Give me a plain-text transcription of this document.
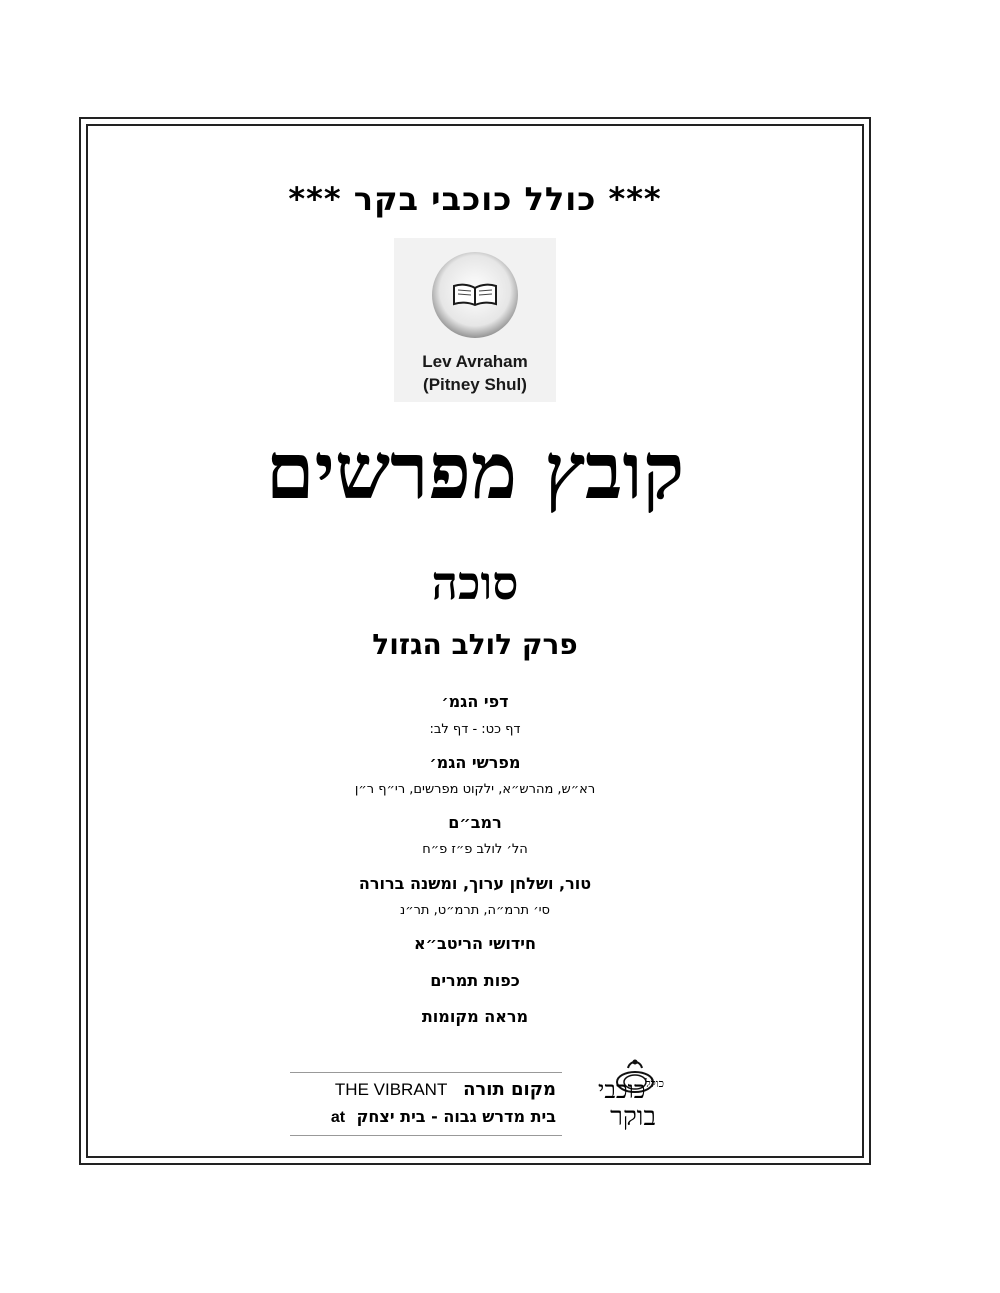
*** כולל כוכבי בקר ***
Lev Avraham
(Pitney Shul)
קובץ מפרשים
סוכה
פרק לולב הגזול
דפי הגמ׳
דף כט: - דף לב:
מפרשי הגמ׳
רא״ש, מהרש״א, ילקוט מפרשים, רי״ף ר״ן
רמב״ם
הל׳ לולב פ״ז פ״ח
טור, ושלחן ערוך, ומשנה ברורה
סי׳ תרמ״ה, תרמ״ט, תר״נ
חידושי הריטב״א
כפות תמרים
מראה מקומות
THE VIBRANT מקום תורה
at בית מדרש גבוה - בית יצחק
$^{כולל}$כוכבי
בוקר
